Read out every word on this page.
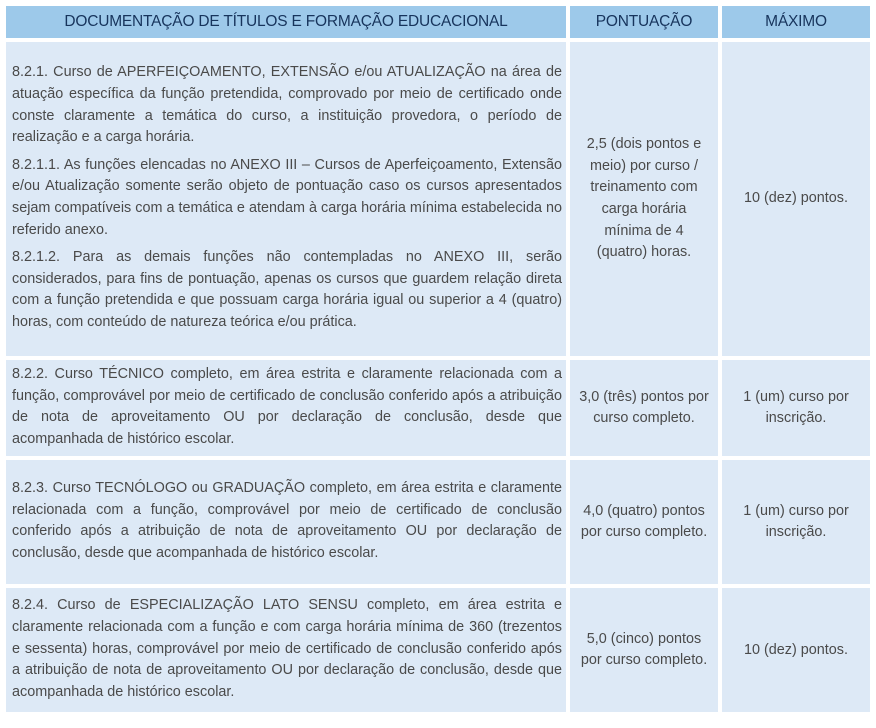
DOCUMENTAÇÃO DE TÍTULOS E FORMAÇÃO EDUCACIONAL	PONTUAÇÃO	MÁXIMO

8.2.1. Curso de APERFEIÇOAMENTO, EXTENSÃO e/ou ATUALIZAÇÃO na área de atuação específica da função pretendida, comprovado por meio de certificado onde conste claramente a temática do curso, a instituição provedora, o período de realização e a carga horária.

8.2.1.1. As funções elencadas no ANEXO III – Cursos de Aperfeiçoamento, Extensão e/ou Atualização somente serão objeto de pontuação caso os cursos apresentados sejam compatíveis com a temática e atendam à carga horária mínima estabelecida no referido anexo.

8.2.1.2. Para as demais funções não contempladas no ANEXO III, serão considerados, para fins de pontuação, apenas os cursos que guardem relação direta com a função pretendida e que possuam carga horária igual ou superior a 4 (quatro) horas, com conteúdo de natureza teórica e/ou prática.	2,5 (dois pontos e meio) por curso / treinamento com carga horária mínima de 4 (quatro) horas.	10 (dez) pontos.

8.2.2. Curso TÉCNICO completo, em área estrita e claramente relacionada com a função, comprovável por meio de certificado de conclusão conferido após a atribuição de nota de aproveitamento OU por declaração de conclusão, desde que acompanhada de histórico escolar.	3,0 (três) pontos por curso completo.	1 (um) curso por inscrição.

8.2.3. Curso TECNÓLOGO ou GRADUAÇÃO completo, em área estrita e claramente relacionada com a função, comprovável por meio de certificado de conclusão conferido após a atribuição de nota de aproveitamento OU por declaração de conclusão, desde que acompanhada de histórico escolar.	4,0 (quatro) pontos por curso completo.	1 (um) curso por inscrição.

8.2.4. Curso de ESPECIALIZAÇÃO LATO SENSU completo, em área estrita e claramente relacionada com a função e com carga horária mínima de 360 (trezentos e sessenta) horas, comprovável por meio de certificado de conclusão conferido após a atribuição de nota de aproveitamento OU por declaração de conclusão, desde que acompanhada de histórico escolar.	5,0 (cinco) pontos por curso completo.	10 (dez) pontos.
